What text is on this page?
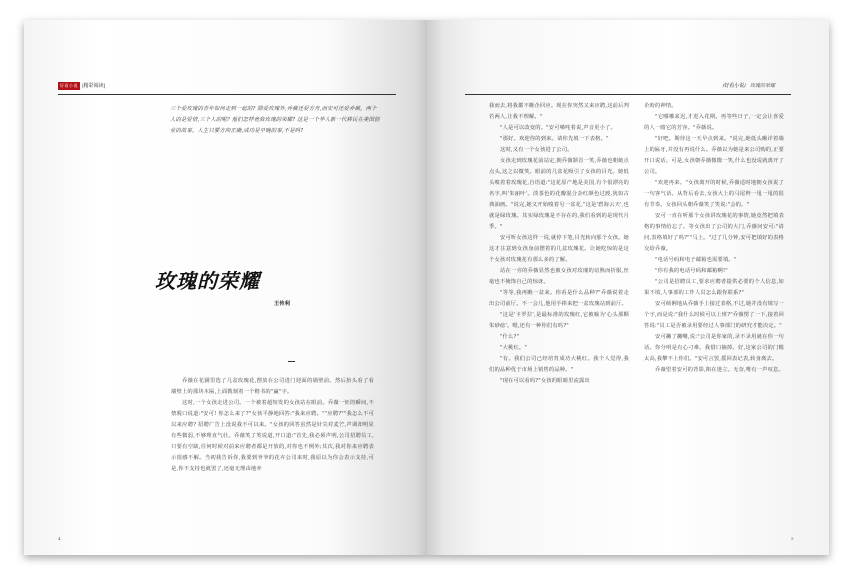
好看小说 |精彩阅读|
三个爱玫瑰的青年如何走到一起的? 除爱玫瑰外,乔薇还爱方舟,而安可还爱乔薇。两个人的是爱情,三个人的呢? 他们怎样竞敌玫瑰的荣耀? 这是一个华人新一代移民在美国创业的故事。人生只要方向正确,成功是早晚的事,不是吗?
玫瑰的荣耀
王传利

乔薇在花圃里选了几盆玫瑰花,摆放在公司进门迎面的墙壁前。然后抬头看了看墙壁上的那块木匾,上面镌刻着一个楷书的"赢"字。

这时,一个女孩走进公司。一个被着超短发的女孩站在眼前。乔薇一怔的瞬间,不禁脱口说道:"安可! 你怎么来了?"女孩平静地回答:"我来应聘。""应聘?""我怎么不可以来应聘? 招聘广告上没说我不可以来。"女孩的回答虽然是针尖对麦芒,声调却明显有些微弱,不够理直气壮。乔薇笑了笑说道,开口道:"首先,我必须声明,公司招聘员工,只要有空缺,任何时候对前来应聘者都是开放的,对你也不例外;其次,我对你来应聘表示很感不解。当初我告诉你,我要到爷爷的花卉公司来时,我原以为你会表示支持,可是,你不支持也就罢了,还毫无理由地弃

4
/好看小说/ 玫瑰的荣耀

我而去,将我都不瞧企回应。现在你突然又来应聘,这前后判若两人,让我不理解。"

"人是可以改变的。"安可嗓咤着说,声音更小了。

"那好。欢迎你的到来。请你先填一下表格。"

这时,又有一个女孩进了公司。

女孩走到玫瑰花前站定,朝乔薇颔首一笑,乔薇也朝她点点头,这之以微笑。眼前的几盆花吸引了女孩的目光。她低头嗅着着玫瑰花,自语道:"这花原产地是美国,有个很漂亮的名字,叫'朱丽叶'。淡茶色的花瓣混合杂红颜色过渡,犹如古典油画。"说完,她又开始嗅着另一盆花,"这是'碧海云天',也就是绿玫瑰。其实绿玫瑰是不存在的,我们看到的是现代月季。"

安可听女孩这样一说,就停下笔,目光转向那个女孩。她这才注意到女孩身前摆着的几盆玫瑰花。让她吃惊的是这个女孩对玫瑰花有那么多的了解。

站在一旁的乔薇显然也被女孩对玫瑰的谙熟而折服,丝毫也不掩饰自己的惊讶。

"等等,我再瞧一盆来。你看是什么品种?"乔薇说着走出公司前厅。不一会儿,他用手捧来把一盆玫瑰站到前厅。

"这是'卡罗拉',是最标准的玫瑰红,它被喻为'心头那颗朱砂痣'。嗯,还有一种你们有吗?"

"什么?"

"大桃红。"

"有。我们公司已经培育成功大桃红。我个人觉得,我们的品种优于市场上销售的品种。"

"现在可以看吗?"女孩的眼睛里流露出

企盼的神情。

"它哪哪来迟,才进入花期。再等些日子,一定会让喜爱的人一睹它的芳容。"乔薇说。

"好吧。期待这一天早点到来。"说完,她低头瞅详着墙上的匾牙,并没有再说什么。乔薇以为她是来公司购的,正要开口说话。可是,女孩朝乔薇微微一笑,什么也没说就离开了公司。

"欢迎再来。"女孩离开的时候,乔薇适时地朝女孩说了一句客气话。从背后看去,女孩大上的马尾辫一甩一甩的很有节奏。女孩回头朝乔薇笑了笑说:"会的。"

安可一直在听那个女孩讲玫瑰花的事情,她竟然把填表格的事情给忘了。等女孩出了公司的大门,乔薇问安可:"请问,表格填好了吗?""马上。"过了几分钟,安可把填好的表格交给乔薇。

"电话号码和电子邮箱也需要填。"

"你有我的电话号码和邮箱啊!"

"公司是招聘员工,要求应聘者提供必要的个人信息,如果不填,人事部的工作人员怎么跟你联系?"

安可倾俐地从乔薇手上接过表格,不过,她并没有填写一个字,而是说:"我什么时候可以上班?"乔薇愣了一下,接着回答说:"员工是否被录用要经过人事部门的研究才能决定。"

安可撇了撇嘴,说:"公司是你家的,录不录用就在你一句话。你分明是有心刁难。我借口摘掉。好,这家公司的门槛太高,我攀不上你们。"安可言罢,摇回表记表,转身离去。

乔薇望着安可的背影,陷在迷立。无奈,唯有一声叹息。

5
